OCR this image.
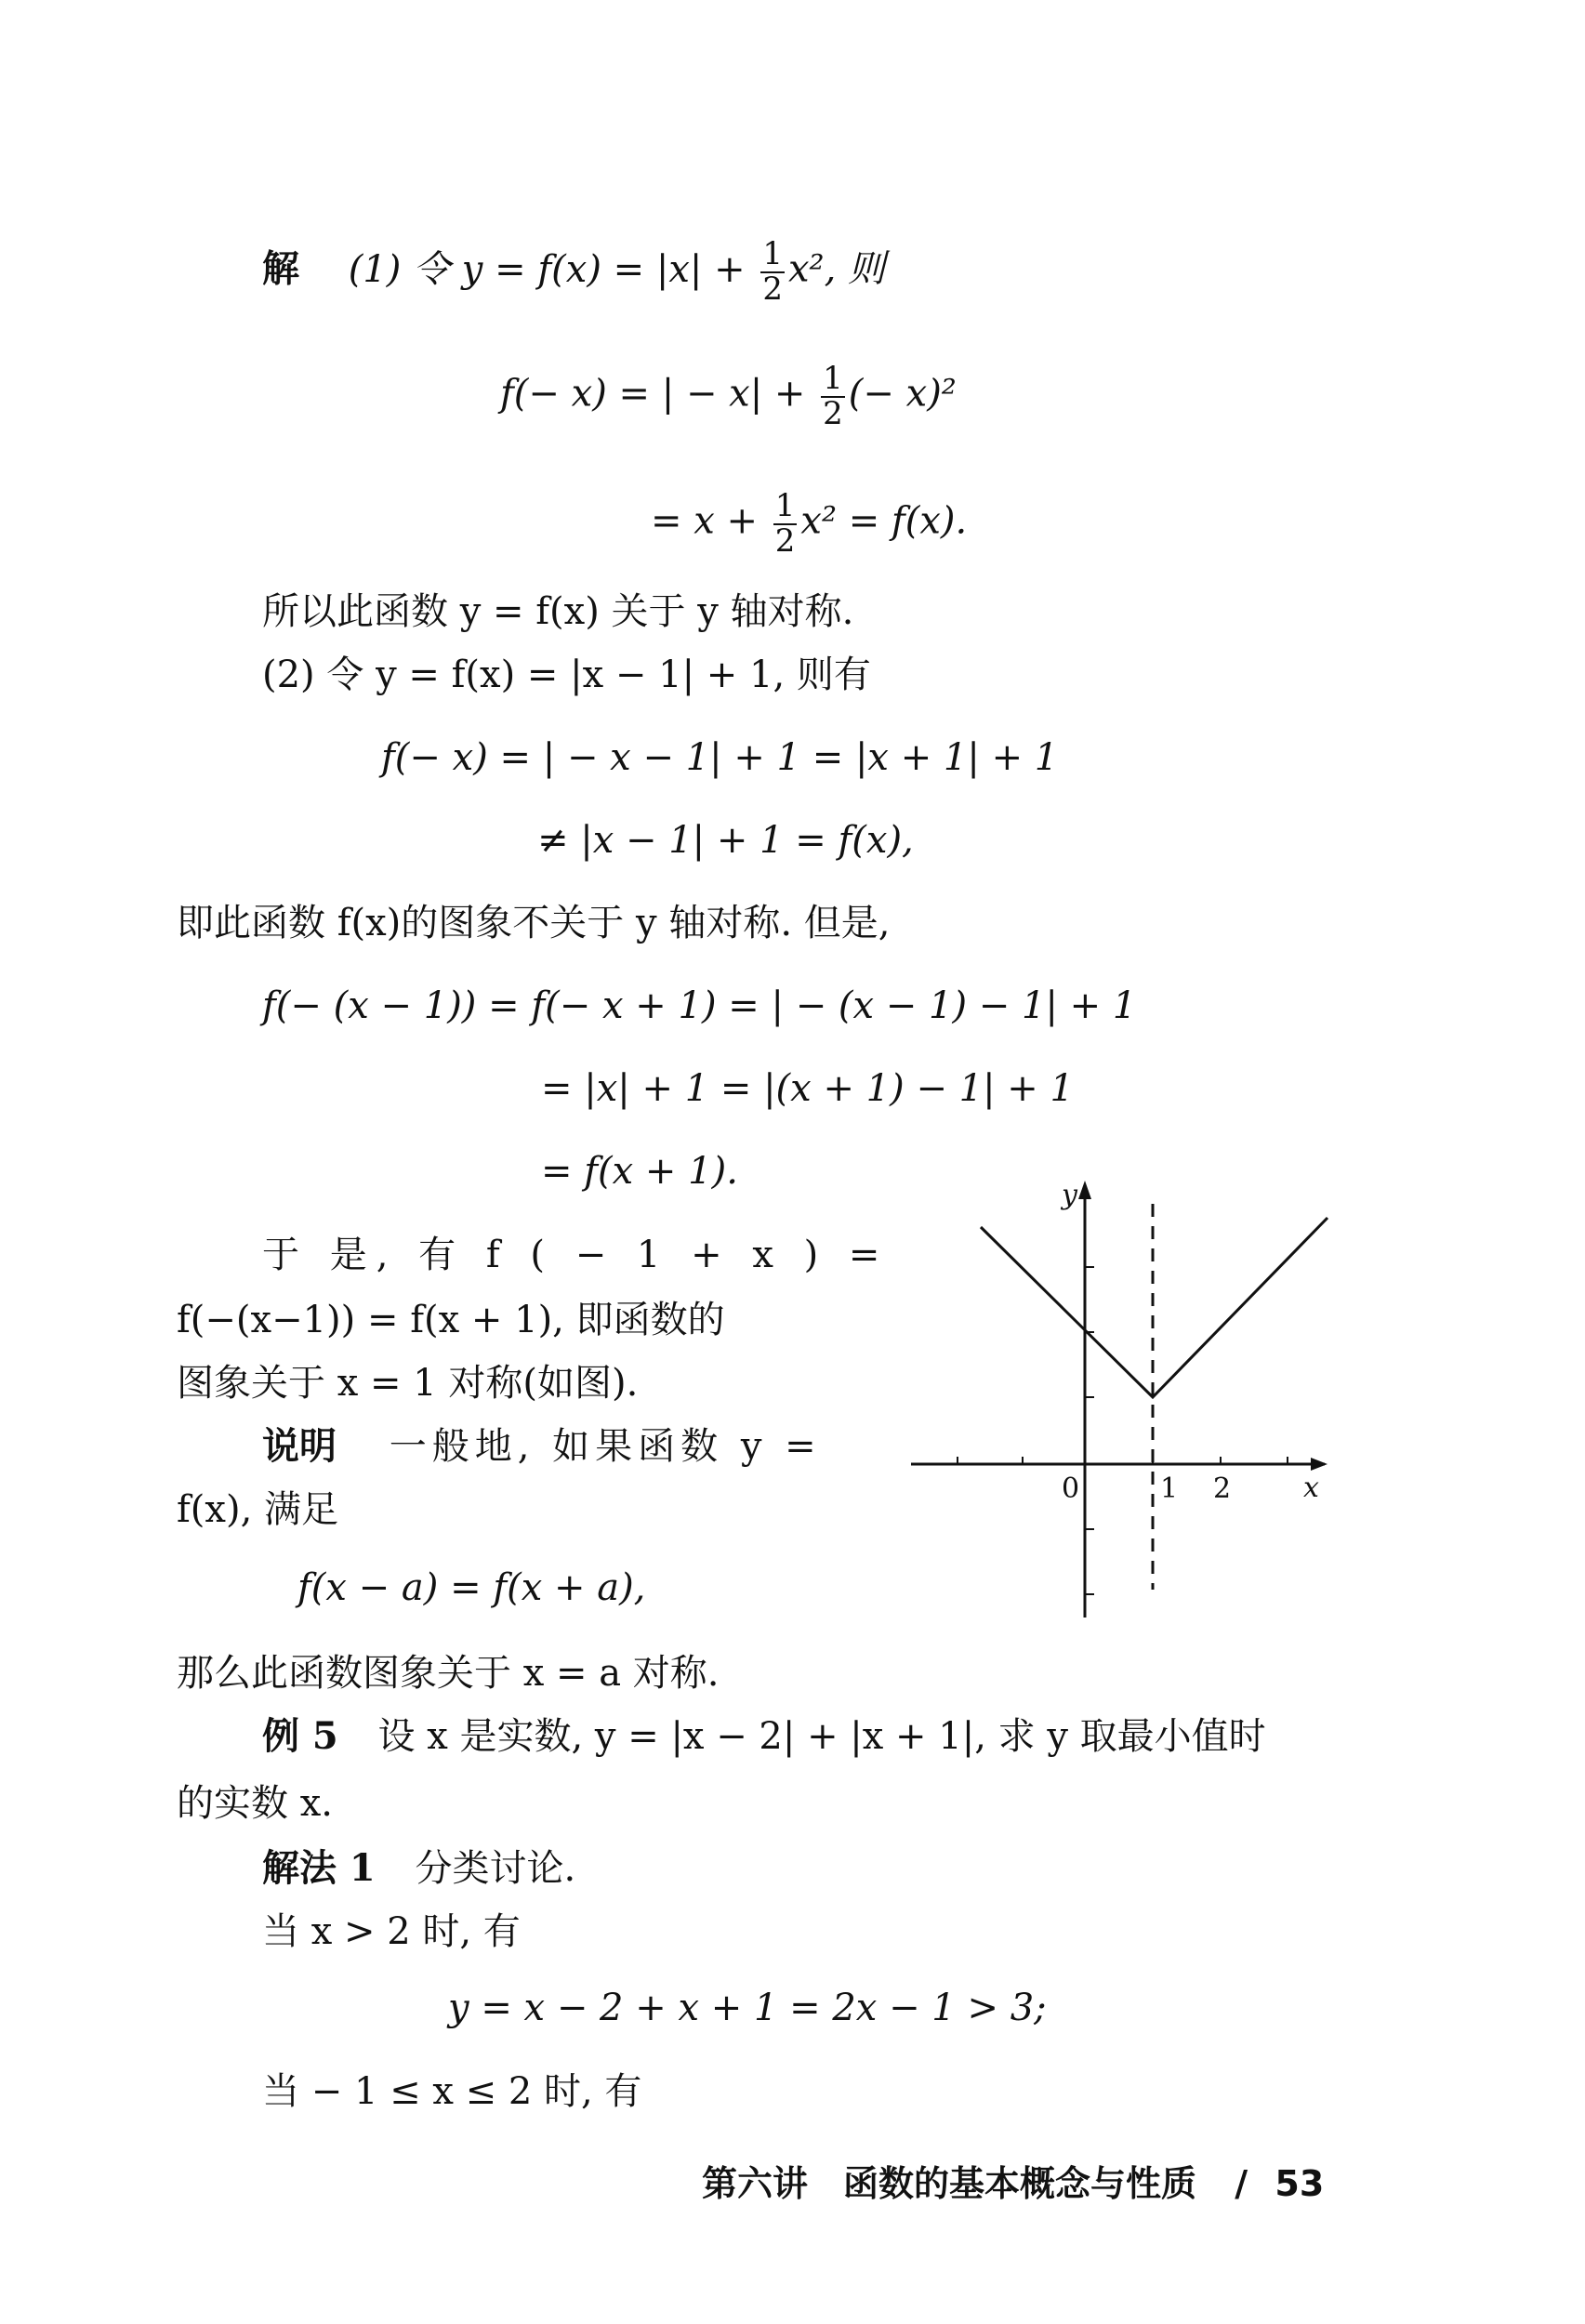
解 (1) 令 $y = f(x) = |x| + \frac{1}{2} x^2$, 则
f(− x) = | − $x| + \frac{1}{2}$ (− x)²
= $x + \frac{1}{2} x^2 = f(x)$.
所以此函数 y = f(x) 关于 y 轴对称.
(2) 令 y = f(x) = |x − 1| + 1, 则有
f(− x) = | − x − 1| + 1 = |x + 1| + 1
≠ |x − 1| + 1 = f(x),
即此函数 f(x)的图象不关于 y 轴对称. 但是,
f(− (x − 1)) = f(− x + 1) = | − (x − 1) − 1| + 1
= |x| + 1 = |(x + 1) − 1| + 1
= f(x + 1).
于 是, 有 f ( − 1 + x ) =
f(−(x−1)) = f(x + 1), 即函数的
图象关于 x = 1 对称(如图).
说明 一般地, 如果函数 y =
f(x), 满足
f(x − a) = f(x + a),
那么此函数图象关于 x = a 对称.
例 5 设 x 是实数, y = |x − 2| + |x + 1|, 求 y 取最小值时
的实数 x.
解法 1 分类讨论.
当 x > 2 时, 有
y = x − 2 + x + 1 = 2x − 1 > 3;
当 − 1 ≤ x ≤ 2 时, 有
y
x
0	1 2
第六讲　函数的基本概念与性质 / 53
